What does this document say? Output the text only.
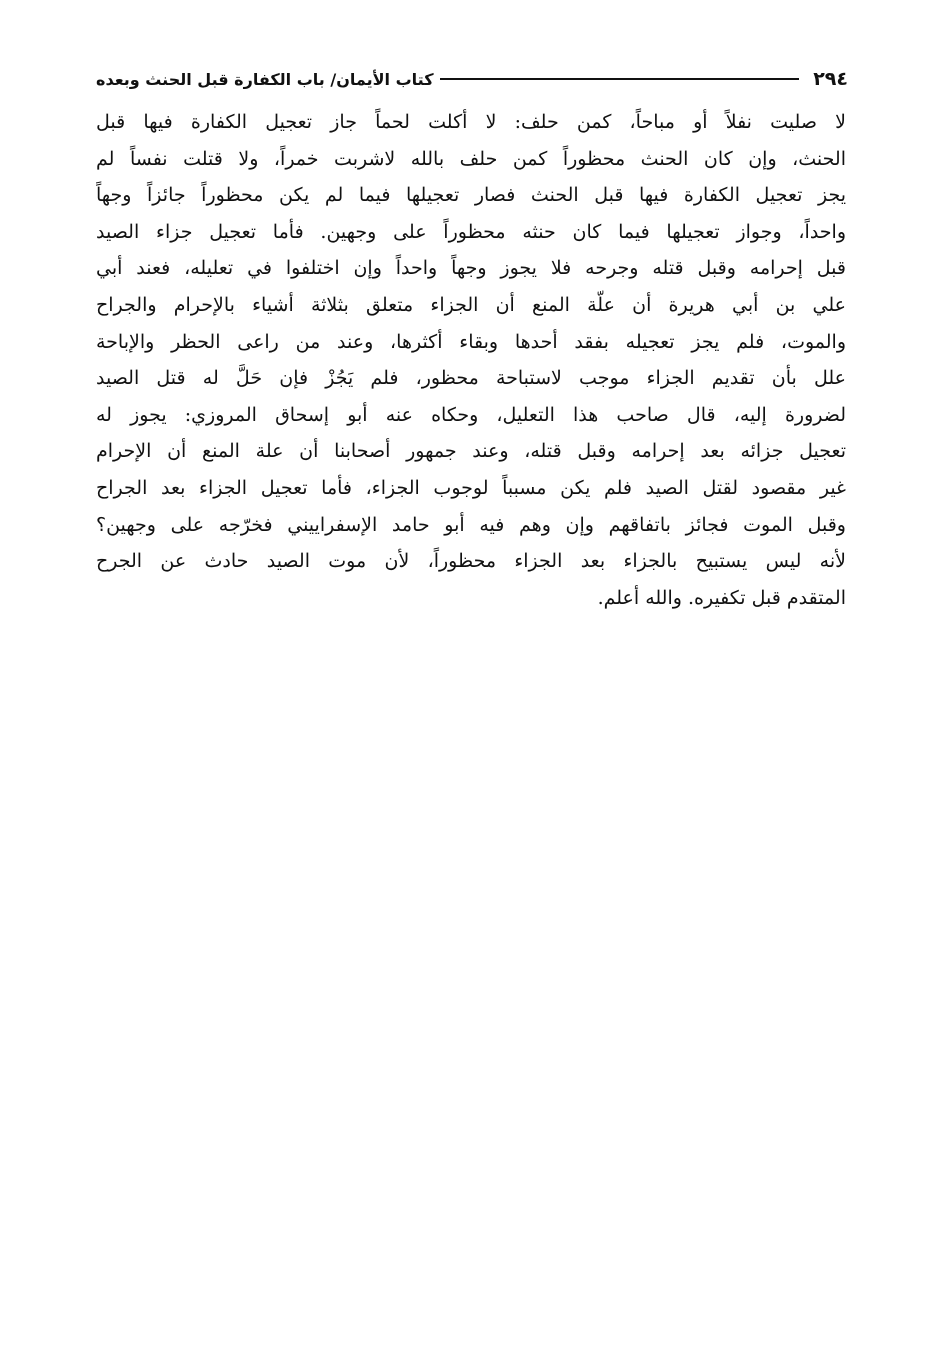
٢٩٤
كتاب الأيمان/ باب الكفارة قبل الحنث وبعده
لا صليت نفلاً أو مباحاً، كمن حلف: لا أكلت لحماً جاز تعجيل الكفارة فيها قبل
الحنث، وإن كان الحنث محظوراً كمن حلف بالله لاشربت خمراً، ولا قتلت نفساً لم
يجز تعجيل الكفارة فيها قبل الحنث فصار تعجيلها فيما لم يكن محظوراً جائزاً وجهاً
واحداً، وجواز تعجيلها فيما كان حنثه محظوراً على وجهين. فأما تعجيل جزاء الصيد
قبل إحرامه وقبل قتله وجرحه فلا يجوز وجهاً واحداً وإن اختلفوا في تعليله، فعند أبي
علي بن أبي هريرة أن علّة المنع أن الجزاء متعلق بثلاثة أشياء بالإحرام والجراح
والموت، فلم يجز تعجيله بفقد أحدها وبقاء أكثرها، وعند من راعى الحظر والإباحة
علل بأن تقديم الجزاء موجب لاستباحة محظور، فلم يَجُزْ فإن حَلَّ له قتل الصيد
لضرورة إليه، قال صاحب هذا التعليل، وحكاه عنه أبو إسحاق المروزي: يجوز له
تعجيل جزائه بعد إحرامه وقبل قتله، وعند جمهور أصحابنا أن علة المنع أن الإحرام
غير مقصود لقتل الصيد فلم يكن مسبباً لوجوب الجزاء، فأما تعجيل الجزاء بعد الجراح
وقبل الموت فجائز باتفاقهم وإن وهم فيه أبو حامد الإسفراييني فخرّجه على وجهين؟
لأنه ليس يستبيح بالجزاء بعد الجزاء محظوراً، لأن موت الصيد حادث عن الجرح
المتقدم قبل تكفيره. والله أعلم.
